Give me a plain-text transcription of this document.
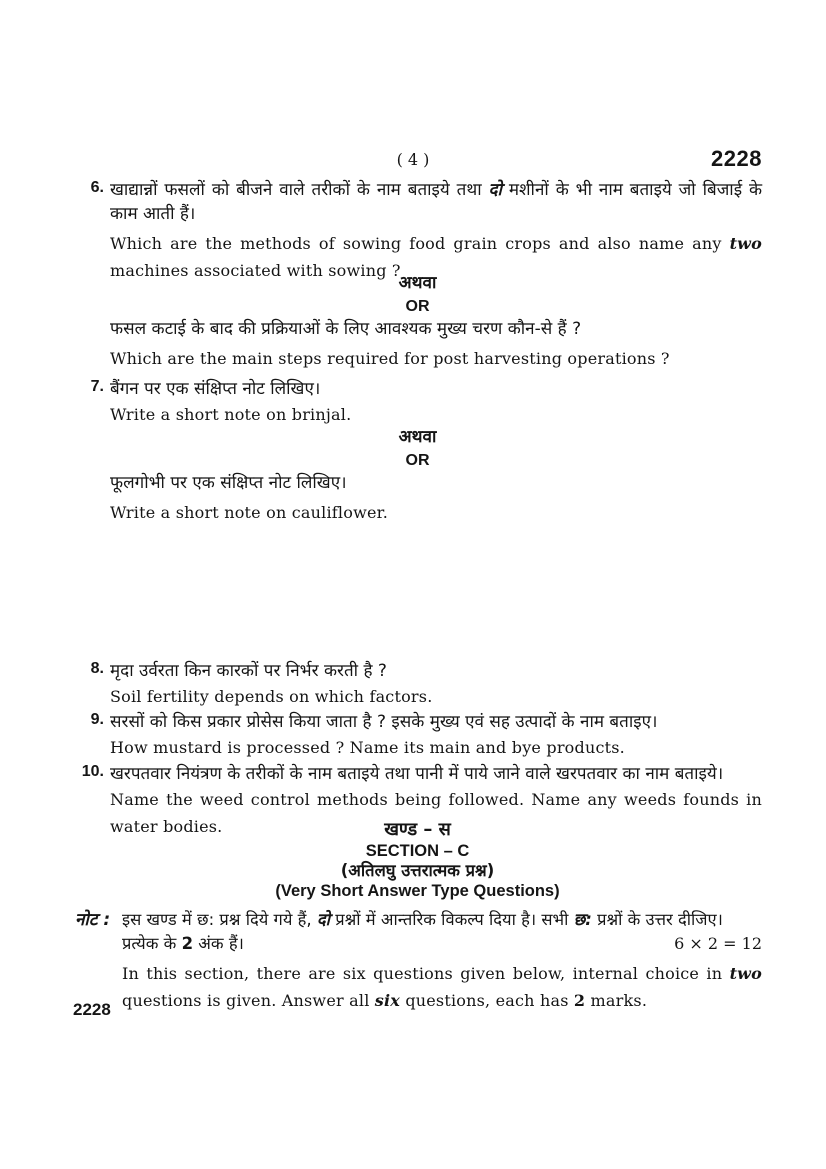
( 4 )	2228
6. खाद्यान्नों फसलों को बीजने वाले तरीकों के नाम बताइये तथा दो मशीनों के भी नाम बताइये जो बिजाई के काम आती हैं।

Which are the methods of sowing food grain crops and also name any two machines associated with sowing ?

अथवा
OR

फसल कटाई के बाद की प्रक्रियाओं के लिए आवश्यक मुख्य चरण कौन-से हैं ?

Which are the main steps required for post harvesting operations ?

7. बैंगन पर एक संक्षिप्त नोट लिखिए।

Write a short note on brinjal.

अथवा
OR

फूलगोभी पर एक संक्षिप्त नोट लिखिए।

Write a short note on cauliflower.

8. मृदा उर्वरता किन कारकों पर निर्भर करती है ?

Soil fertility depends on which factors.

9. सरसों को किस प्रकार प्रोसेस किया जाता है ? इसके मुख्य एवं सह उत्पादों के नाम बताइए।

How mustard is processed ? Name its main and bye products.

10. खरपतवार नियंत्रण के तरीकों के नाम बताइये तथा पानी में पाये जाने वाले खरपतवार का नाम बताइये।

Name the weed control methods being followed. Name any weeds founds in water bodies.	खण्ड – स
SECTION – C
(अतिलघु उत्तरात्मक प्रश्न)
(Very Short Answer Type Questions)
नोट : इस खण्ड में छ: प्रश्न दिये गये हैं, दो प्रश्नों में आन्तरिक विकल्प दिया है। सभी छ: प्रश्नों के उत्तर दीजिए।
प्रत्येक के 2 अंक हैं।	6 × 2 = 12
In this section, there are six questions given below, internal choice in two questions is given. Answer all six questions, each has 2 marks.
2228
